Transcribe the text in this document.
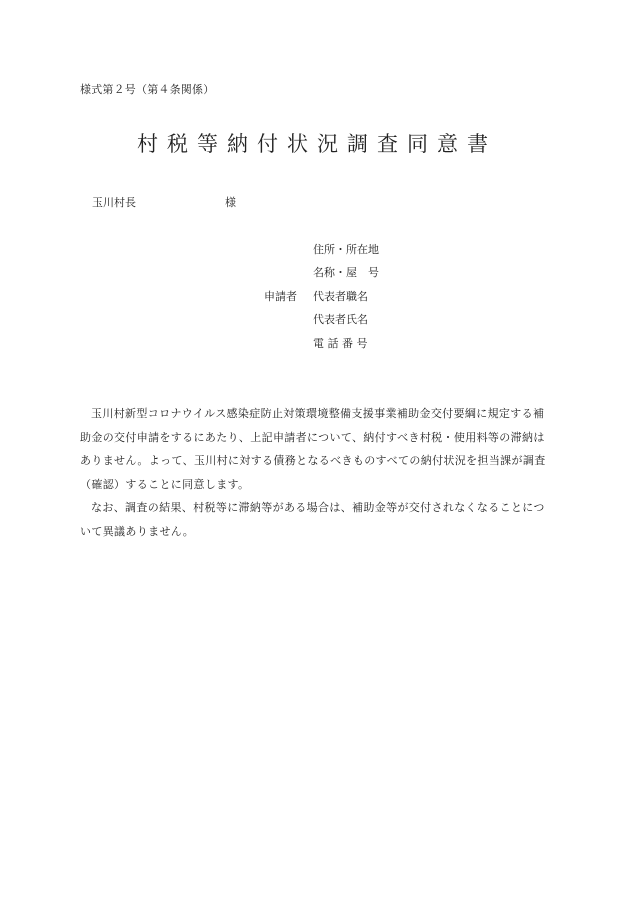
様式第２号（第４条関係）
村税等納付状況調査同意書
玉川村長	様
申請者
住所・所在地
名称・屋　号
代表者職名
代表者氏名
電 話 番 号

玉川村新型コロナウイルス感染症防止対策環境整備支援事業補助金交付要綱に規定する補助金の交付申請をするにあたり、上記申請者について、納付すべき村税・使用料等の滞納はありません。よって、玉川村に対する債務となるべきものすべての納付状況を担当課が調査（確認）することに同意します。

なお、調査の結果、村税等に滞納等がある場合は、補助金等が交付されなくなることについて異議ありません。
